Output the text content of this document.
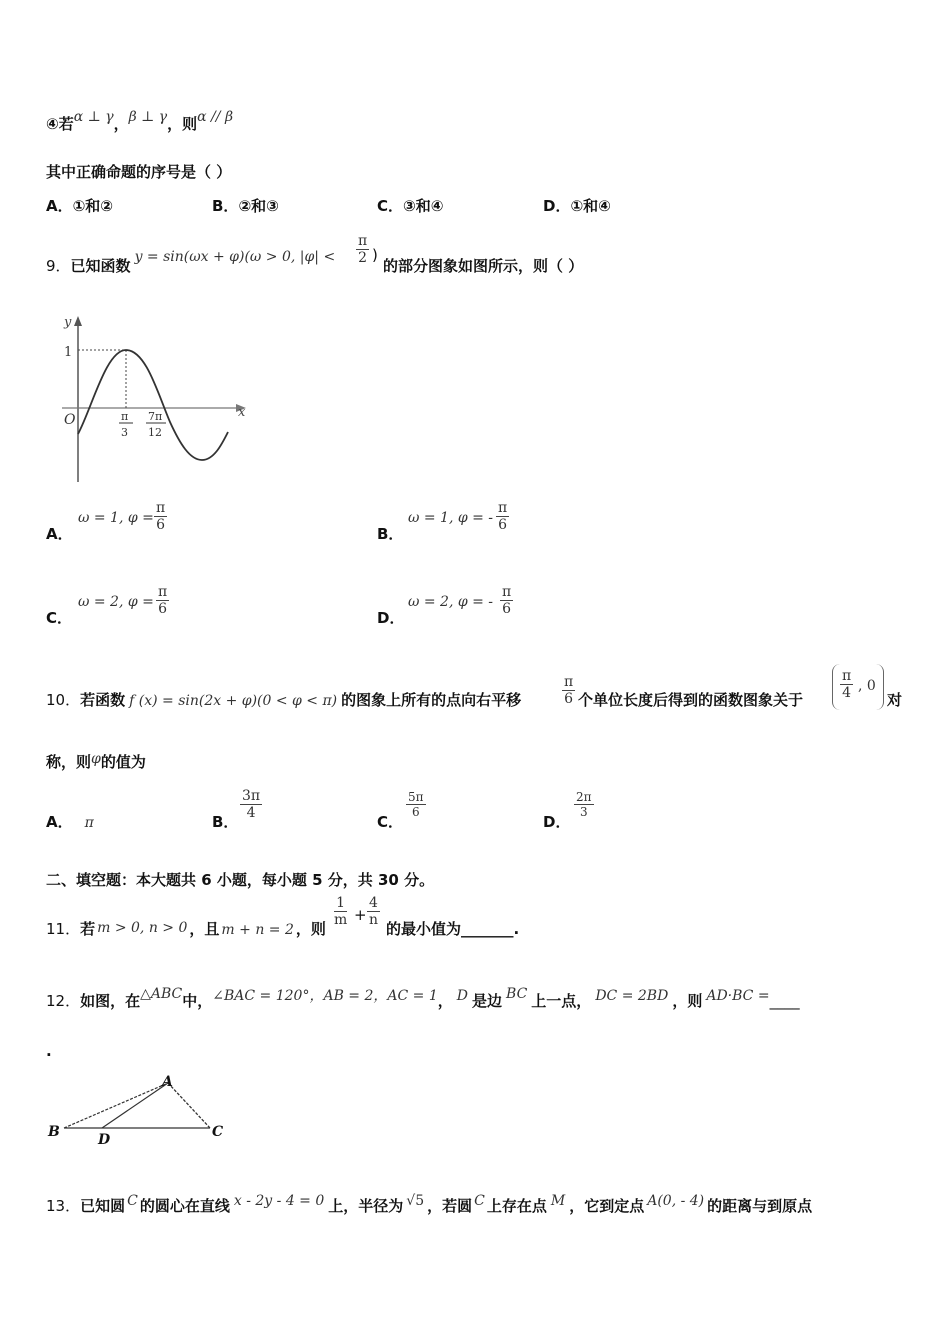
④若α ⊥ γ，β ⊥ γ，则α // β
其中正确命题的序号是（ ）
A．①和②	B．②和③	C．③和④	D．①和④
9．已知函数 y = sin(ωx + φ)(ω > 0, $|\varphi| < \frac{\pi}{2}$ )
的部分图象如图所示，则（ ）
y
x
O
1
π
3
7π
12
A．
ω = 1, $\varphi = \frac{\pi}{6}$
B．
ω = 1, φ = - $\frac{\pi}{6}$
C．
ω = 2, $\varphi = \frac{\pi}{6}$
D．
ω = 2, φ = - $\frac{\pi}{6}$
10．若函数 f (x) = sin(2x + φ)(0 < φ < π) 的图象上所有的点向右平移	$\frac{\pi}{6}$ 个单位长度后得到的函数图象关于	$\frac{\pi}{4}$ , 0
对
称，则φ的值为
A． π	B．
$\frac{3\pi}{4}$
C．
$\frac{5\pi}{6}$
D．
$\frac{2\pi}{3}$
二、填空题：本大题共 6 小题，每小题 5 分，共 30 分。
11．若 m > 0, n > 0 ，且 m + n = 2 ，则
$\frac{1}{m} + \frac{4}{n}$
的最小值为_______.
12．如图，在△ABC中，∠BAC = 120°，AB = 2，AC = 1， D 是边 BC 上一点， DC = 2BD ，则 AD·BC =____
.
A
B	C
D
13．已知圆 C 的圆心在直线 x - 2y - 4 = 0 上，半径为 √5 ，若圆 C 上存在点 M ，它到定点 A(0, - 4) 的距离与到原点
